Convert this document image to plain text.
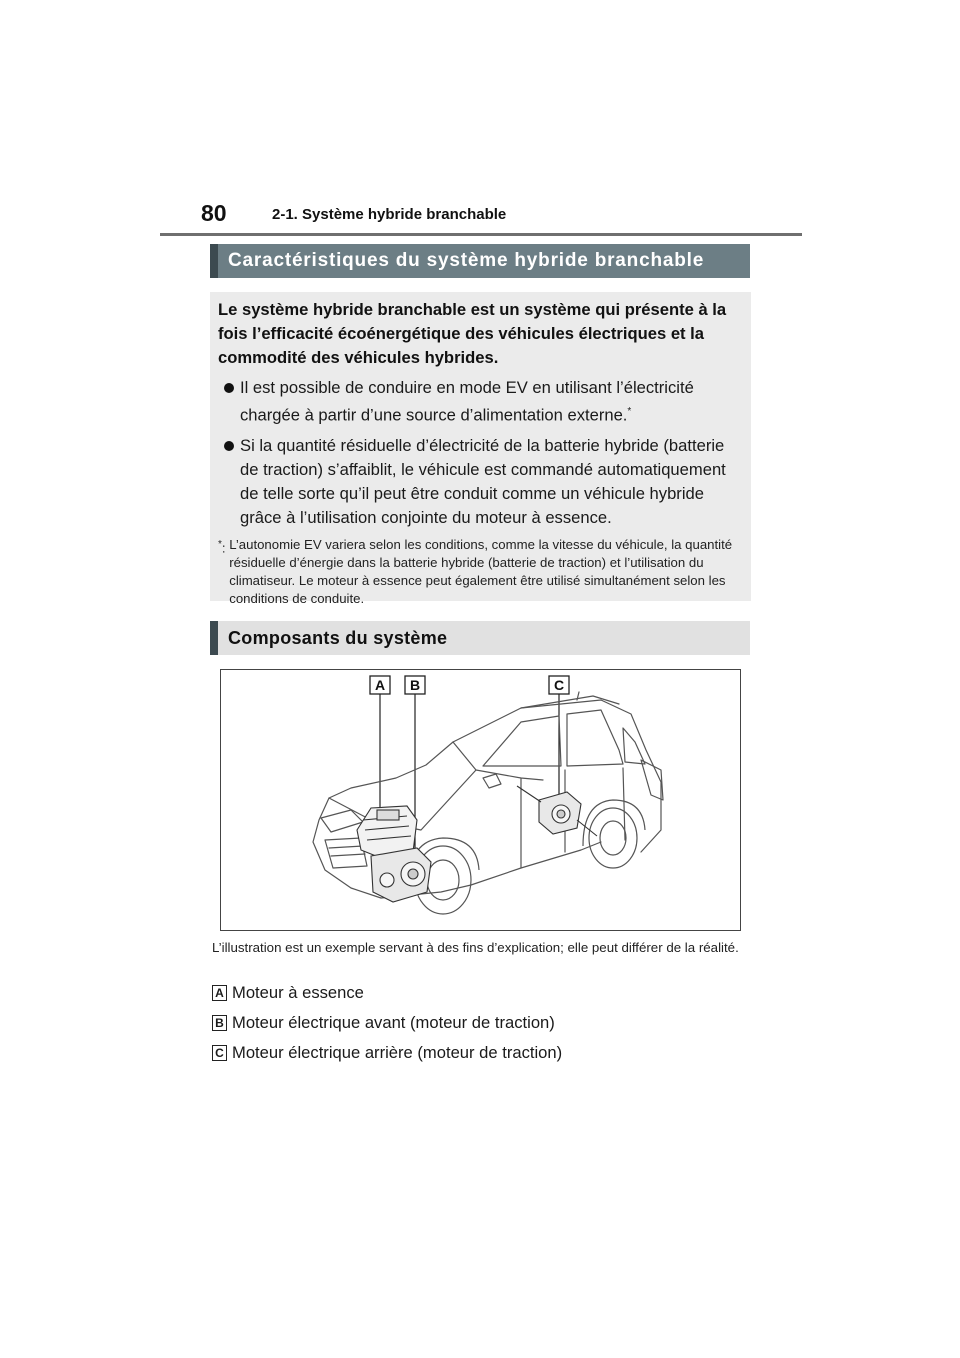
80	2-1. Système hybride branchable
Caractéristiques du système hybride branchable

Le système hybride branchable est un système qui présente à la fois l’efficacité écoénergétique des véhicules électriques et la commodité des véhicules hybrides.

Il est possible de conduire en mode EV en utilisant l’électricité chargée à partir d’une source d’alimentation externe.*
Si la quantité résiduelle d’électricité de la batterie hybride (batterie de traction) s’affaiblit, le véhicule est commandé automatiquement de telle sorte qu’il peut être conduit comme un véhicule hybride grâce à l’utilisation conjointe du moteur à essence.
*: L’autonomie EV variera selon les conditions, comme la vitesse du véhicule, la quantité résiduelle d’énergie dans la batterie hybride (batterie de traction) et l’utilisation du climatiseur. Le moteur à essence peut également être utilisé simultanément selon les conditions de conduite.
Composants du système
A B	C
L’illustration est un exemple servant à des fins d’explication; elle peut différer de la réalité.
A Moteur à essence
B Moteur électrique avant (moteur de traction)
C Moteur électrique arrière (moteur de traction)
